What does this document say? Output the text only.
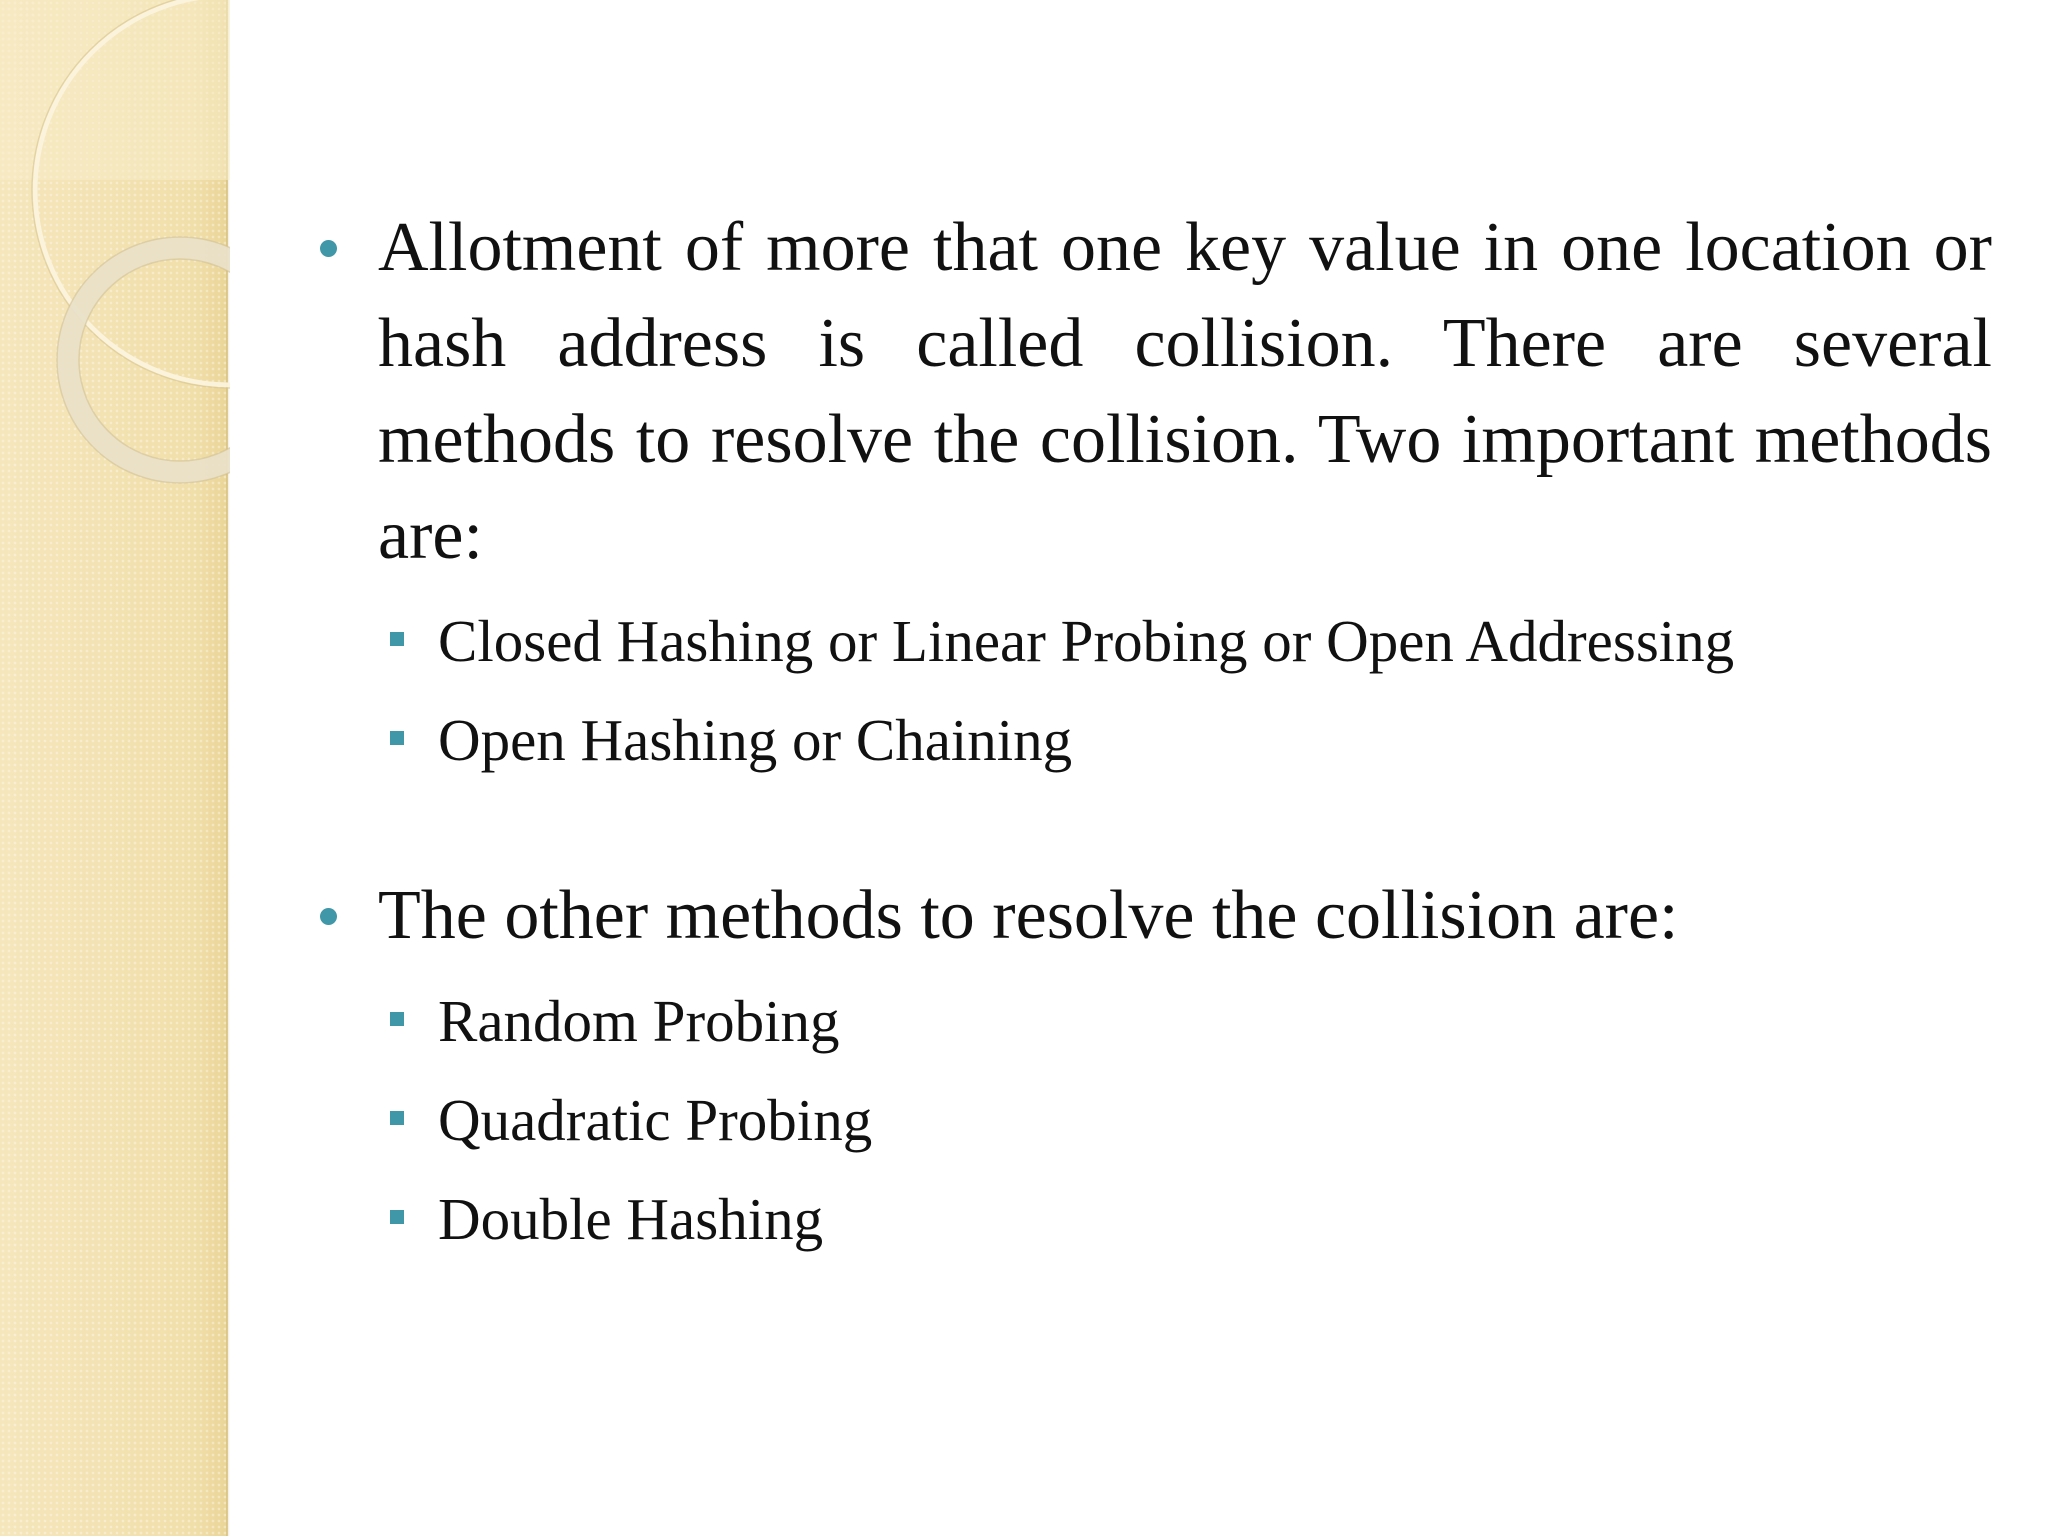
Allotment of more that one key value in one location or hash address is called collision. There are several methods to resolve the collision. Two important methods are:

Closed Hashing or Linear Probing or Open Addressing
Open Hashing or Chaining

The other methods to resolve the collision are:

Random Probing
Quadratic Probing
Double Hashing
